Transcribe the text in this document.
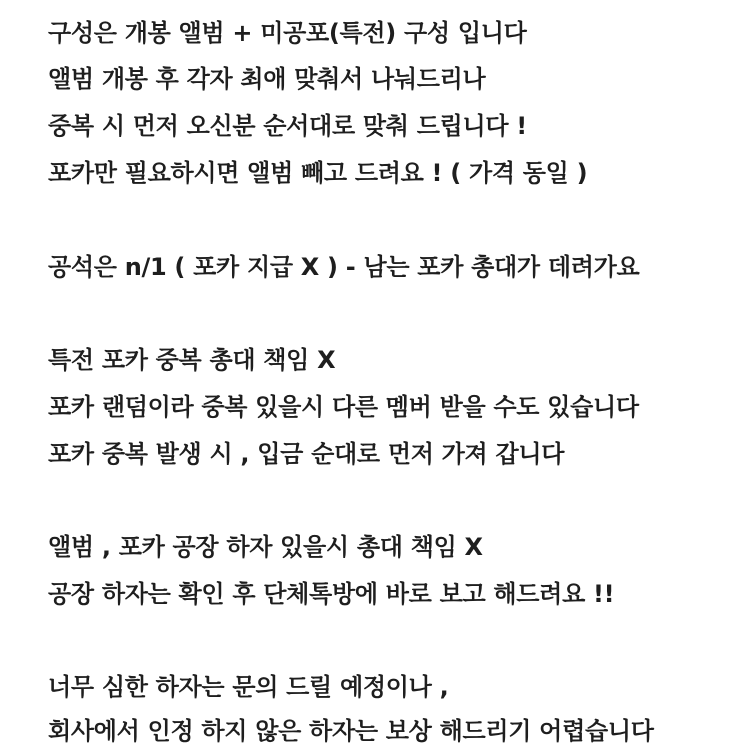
구성은 개봉 앨범 + 미공포(특전) 구성 입니다
앨범 개봉 후 각자 최애 맞춰서 나눠드리나
중복 시 먼저 오신분 순서대로 맞춰 드립니다 !
포카만 필요하시면 앨범 빼고 드려요 ! ( 가격 동일 )
공석은 n/1 ( 포카 지급 X ) - 남는 포카 총대가 데려가요
특전 포카 중복 총대 책임 X
포카 랜덤이라 중복 있을시 다른 멤버 받을 수도 있습니다
포카 중복 발생 시 , 입금 순대로 먼저 가져 갑니다
앨범 , 포카 공장 하자 있을시 총대 책임 X
공장 하자는 확인 후 단체톡방에 바로 보고 해드려요 !!
너무 심한 하자는 문의 드릴 예정이나 ,
회사에서 인정 하지 않은 하자는 보상 해드리기 어렵습니다
